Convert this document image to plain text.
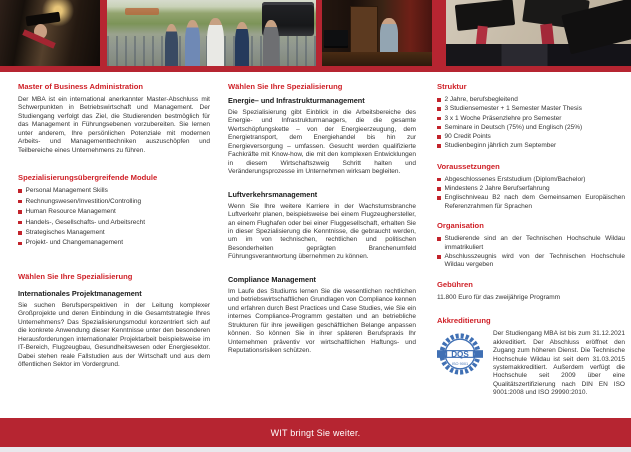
Master of Business Administration

Der MBA ist ein international anerkannter Master-Abschluss mit Schwerpunkten in Betriebswirtschaft und Management. Der Studiengang verfolgt das Ziel, die Studierenden bestmöglich für das Management in Führungsebenen vorzubereiten. Sie lernen unter anderem, Ihre persönlichen Potenziale mit modernen Arbeits- und Managementtechniken auszuschöpfen und Teilbereiche eines Unternehmens zu führen.

Spezialisierungsübergreifende Module
Personal Management Skills
Rechnungswesen/Investition/Controlling
Human Resource Management
Handels-, Gesellschafts- und Arbeitsrecht
Strategisches Management
Projekt- und Changemanagement
Wählen Sie Ihre Spezialisierung
Internationales Projektmanagement

Sie suchen Berufsperspektiven in der Leitung komplexer Großprojekte und deren Einbindung in die Gesamtstrategie Ihres Unternehmens? Das Spezialisierungsmodul konzentriert sich auf die konkrete Anwendung dieser Kenntnisse unter den besonderen Herausforderungen internationaler Projektarbeit beispielsweise im IT-Bereich, Flugzeugbau, Gesundheitswesen oder Energiesektor. Dabei stehen reale Fallstudien aus der Wirtschaft und aus dem öffentlichen Sektor im Vordergrund.

Wählen Sie Ihre Spezialisierung
Energie– und Infrastrukturmanagement

Die Spezialisierung gibt Einblick in die Arbeitsbereiche des Energie- und Infrastrukturmanagers, die die gesamte Wertschöpfungskette – von der Energieerzeugung, dem Energietransport, dem Energiehandel bis hin zur Energieversorgung – umfassen. Gesucht werden qualifizierte Fachkräfte mit Know-how, die mit den komplexen Entwicklungen in diesem Wirtschaftszweig Schritt halten und Veränderungsprozesse im Unternehmen wirksam begleiten.

Luftverkehrsmanagement

Wenn Sie Ihre weitere Karriere in der Wachstumsbranche Luftverkehr planen, beispielsweise bei einem Flugzeughersteller, an einem Flughafen oder bei einer Fluggesellschaft, erhalten Sie in dieser Spezialisierung die Kenntnisse, die gebraucht werden, um im von technischen, rechtlichen und politischen Besonderheiten geprägten Branchenumfeld Führungsverantwortung übernehmen zu können.

Compliance Management

Im Laufe des Studiums lernen Sie die wesentlichen rechtlichen und betriebswirtschaftlichen Grundlagen von Compliance kennen und erfahren durch Best Practices und Case Studies, wie Sie ein internes Compliance-Programm gestalten und an betriebliche Strukturen für ihre jeweiligen geschäftlichen Belange anpassen können. So können Sie in ihrer späteren Berufspraxis Ihr Unternehmen präventiv vor wirtschaftlichen Haftungs- und Reputationsrisiken schützen.

Struktur
2 Jahre, berufsbegleitend
3 Studiensemester + 1 Semester Master Thesis
3 x 1 Woche Präsenzlehre pro Semester
Seminare in Deutsch (75%) und Englisch (25%)
90 Credit Points
Studienbeginn jährlich zum September
Voraussetzungen
Abgeschlossenes Erststudium (Diplom/Bachelor)
Mindestens 2 Jahre Berufserfahrung
Englischniveau B2 nach dem Gemeinsamen Europäischen Referenzrahmen für Sprachen
Organisation
Studierende sind an der Technischen Hochschule Wildau immatrikuliert
Abschlusszeugnis wird von der Technischen Hochschule Wildau vergeben
Gebühren

11.800 Euro für das zweijährige Programm

Akkreditierung
DQS
ISO 9001

Der Studiengang MBA ist bis zum 31.12.2021 akkreditiert. Der Abschluss eröffnet den Zugang zum höheren Dienst. Die Technische Hochschule Wildau ist seit dem 31.03.2015 systemakkreditiert. Außerdem verfügt die Hochschule seit 2009 über eine Qualitätszertifizierung nach DIN EN ISO 9001:2008 und ISO 29990:2010.

WIT bringt Sie weiter.
